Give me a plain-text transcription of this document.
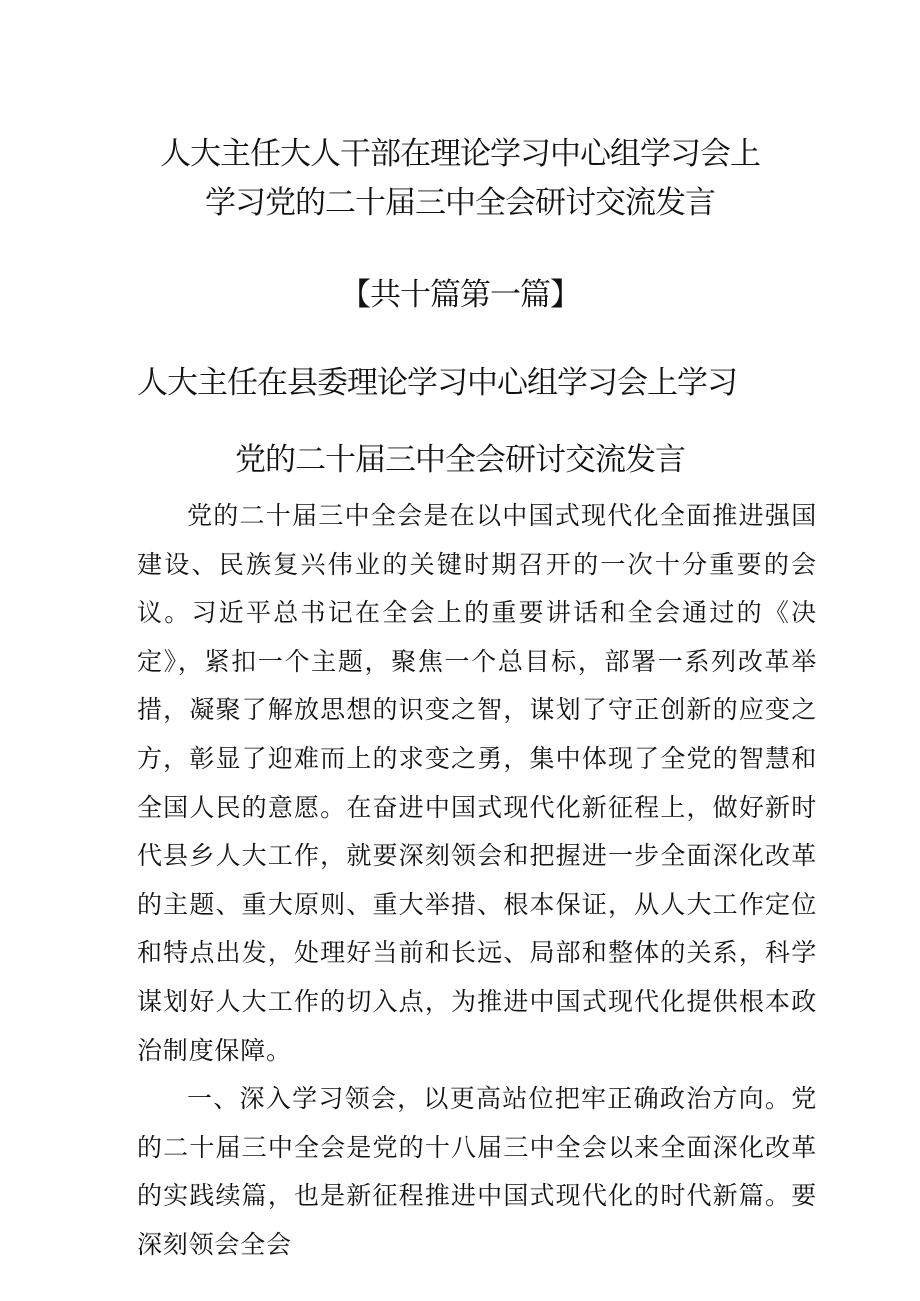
人大主任大人干部在理论学习中心组学习会上
学习党的二十届三中全会研讨交流发言
【共十篇第一篇】
人大主任在县委理论学习中心组学习会上学习
党的二十届三中全会研讨交流发言

党的二十届三中全会是在以中国式现代化全面推进强国建设、民族复兴伟业的关键时期召开的一次十分重要的会议。习近平总书记在全会上的重要讲话和全会通过的《决定》，紧扣一个主题，聚焦一个总目标，部署一系列改革举措，凝聚了解放思想的识变之智，谋划了守正创新的应变之方，彰显了迎难而上的求变之勇，集中体现了全党的智慧和全国人民的意愿。在奋进中国式现代化新征程上，做好新时代县乡人大工作，就要深刻领会和把握进一步全面深化改革的主题、重大原则、重大举措、根本保证，从人大工作定位和特点出发，处理好当前和长远、局部和整体的关系，科学谋划好人大工作的切入点，为推进中国式现代化提供根本政治制度保障。

一、深入学习领会，以更高站位把牢正确政治方向。党的二十届三中全会是党的十八届三中全会以来全面深化改革的实践续篇，也是新征程推进中国式现代化的时代新篇。要深刻领会全会
